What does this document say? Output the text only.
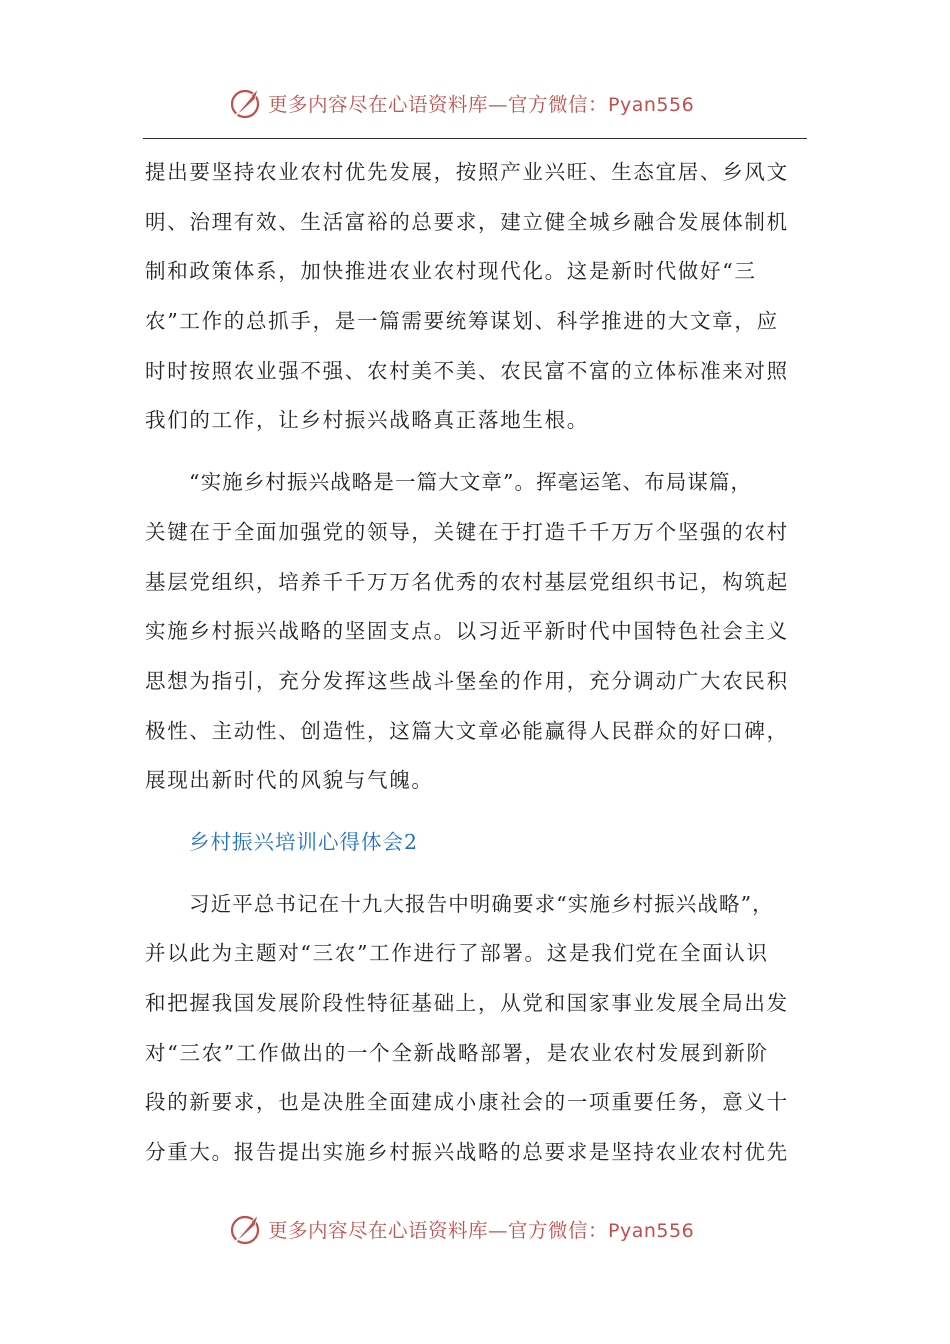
更多内容尽在心语资料库—官方微信：Pyan556
提出要坚持农业农村优先发展，按照产业兴旺、生态宜居、乡风文
明、治理有效、生活富裕的总要求，建立健全城乡融合发展体制机
制和政策体系，加快推进农业农村现代化。这是新时代做好“三
农”工作的总抓手，是一篇需要统筹谋划、科学推进的大文章，应
时时按照农业强不强、农村美不美、农民富不富的立体标准来对照
我们的工作，让乡村振兴战略真正落地生根。
“实施乡村振兴战略是一篇大文章”。挥毫运笔、布局谋篇，
关键在于全面加强党的领导，关键在于打造千千万万个坚强的农村
基层党组织，培养千千万万名优秀的农村基层党组织书记，构筑起
实施乡村振兴战略的坚固支点。以习近平新时代中国特色社会主义
思想为指引，充分发挥这些战斗堡垒的作用，充分调动广大农民积
极性、主动性、创造性，这篇大文章必能赢得人民群众的好口碑，
展现出新时代的风貌与气魄。
乡村振兴培训心得体会2
习近平总书记在十九大报告中明确要求“实施乡村振兴战略”，
并以此为主题对“三农”工作进行了部署。这是我们党在全面认识
和把握我国发展阶段性特征基础上，从党和国家事业发展全局出发
对“三农”工作做出的一个全新战略部署，是农业农村发展到新阶
段的新要求，也是决胜全面建成小康社会的一项重要任务，意义十
分重大。报告提出实施乡村振兴战略的总要求是坚持农业农村优先
更多内容尽在心语资料库—官方微信：Pyan556
